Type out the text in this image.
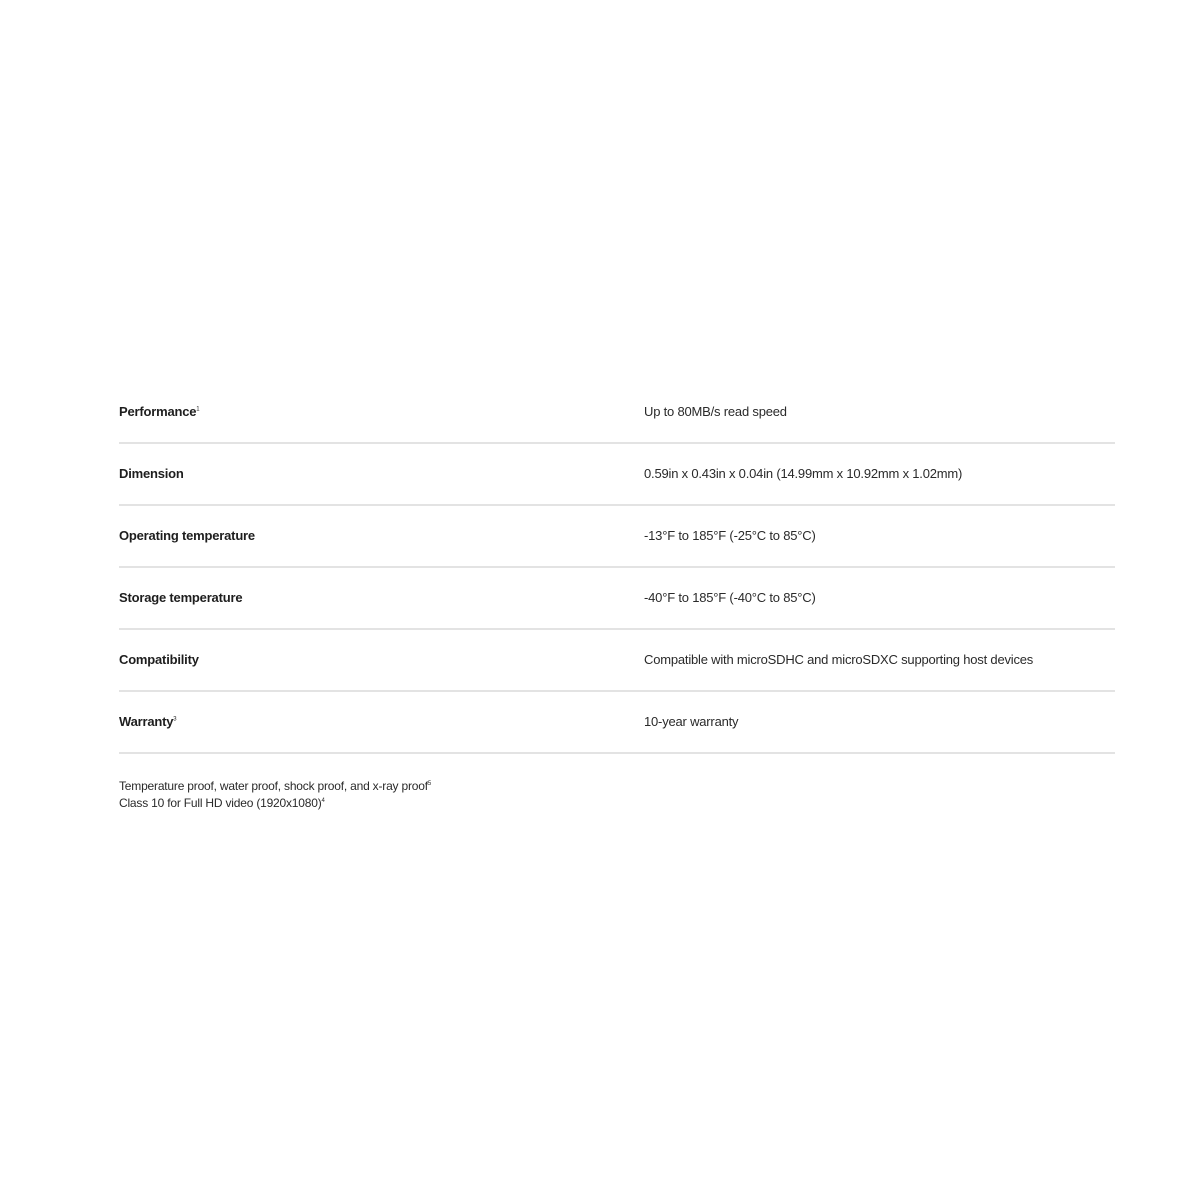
Performance$^1$	Up to 80MB/s read speed
Dimension	0.59in x 0.43in x 0.04in (14.99mm x 10.92mm x 1.02mm)
Operating temperature	-13°F to 185°F (-25°C to 85°C)
Storage temperature	-40°F to 185°F (-40°C to 85°C)
Compatibility	Compatible with microSDHC and microSDXC supporting host devices
Warranty$^3$	10-year warranty
Temperature proof, water proof, shock proof, and x-ray proof$^5$
Class 10 for Full HD video $(1920x1080)^4$
